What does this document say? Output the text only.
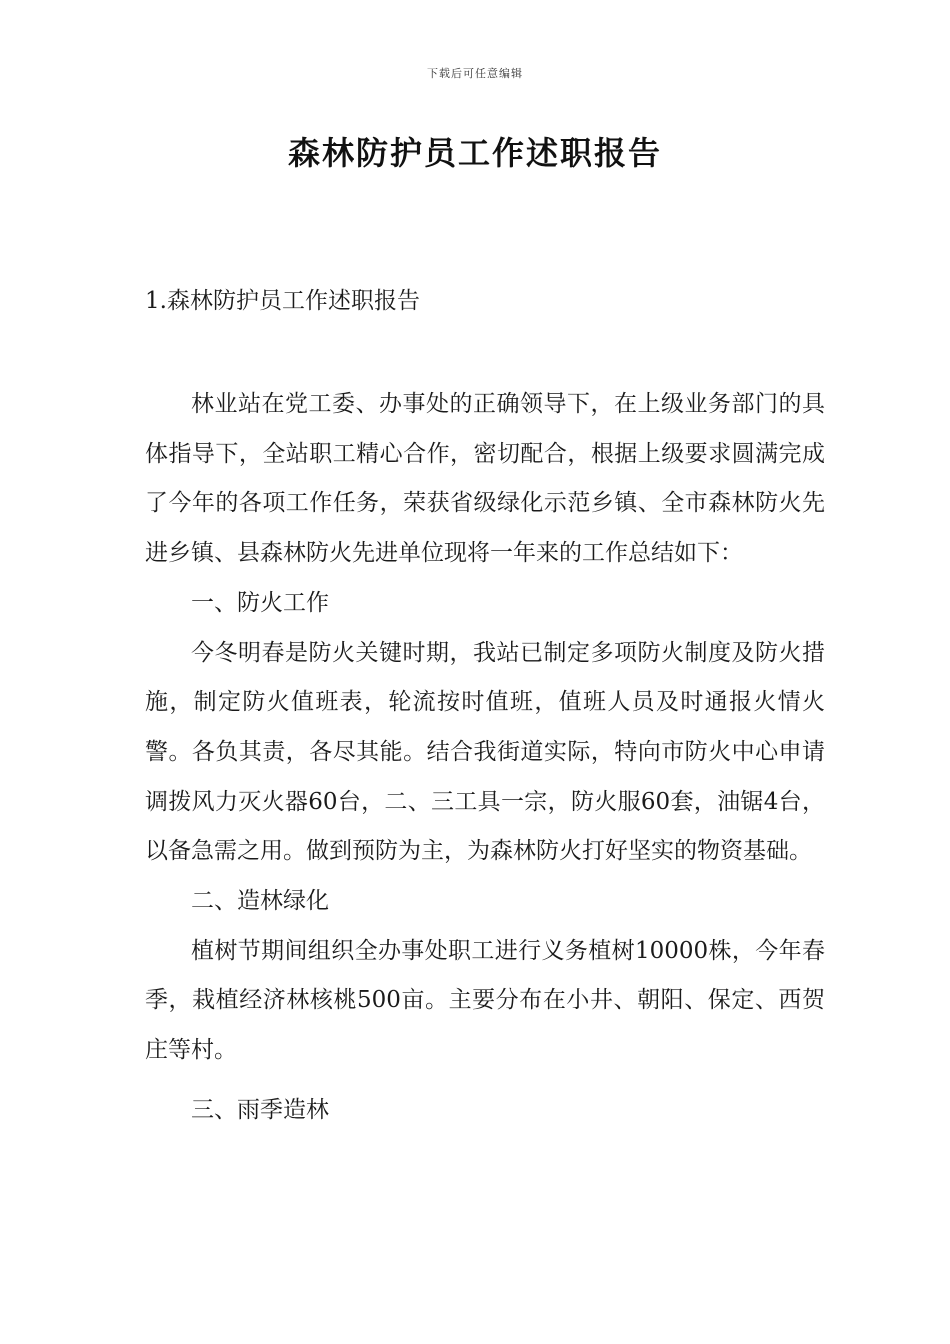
下载后可任意编辑
森林防护员工作述职报告
1.森林防护员工作述职报告

林业站在党工委、办事处的正确领导下，在上级业务部门的具体指导下，全站职工精心合作，密切配合，根据上级要求圆满完成了今年的各项工作任务，荣获省级绿化示范乡镇、全市森林防火先进乡镇、县森林防火先进单位现将一年来的工作总结如下：

一、防火工作

今冬明春是防火关键时期，我站已制定多项防火制度及防火措施，制定防火值班表，轮流按时值班，值班人员及时通报火情火警。各负其责，各尽其能。结合我街道实际，特向市防火中心申请调拨风力灭火器60台，二、三工具一宗，防火服60套，油锯4台，以备急需之用。做到预防为主，为森林防火打好坚实的物资基础。

二、造林绿化

植树节期间组织全办事处职工进行义务植树10000株，今年春季，栽植经济林核桃500亩。主要分布在小井、朝阳、保定、西贺庄等村。

三、雨季造林
